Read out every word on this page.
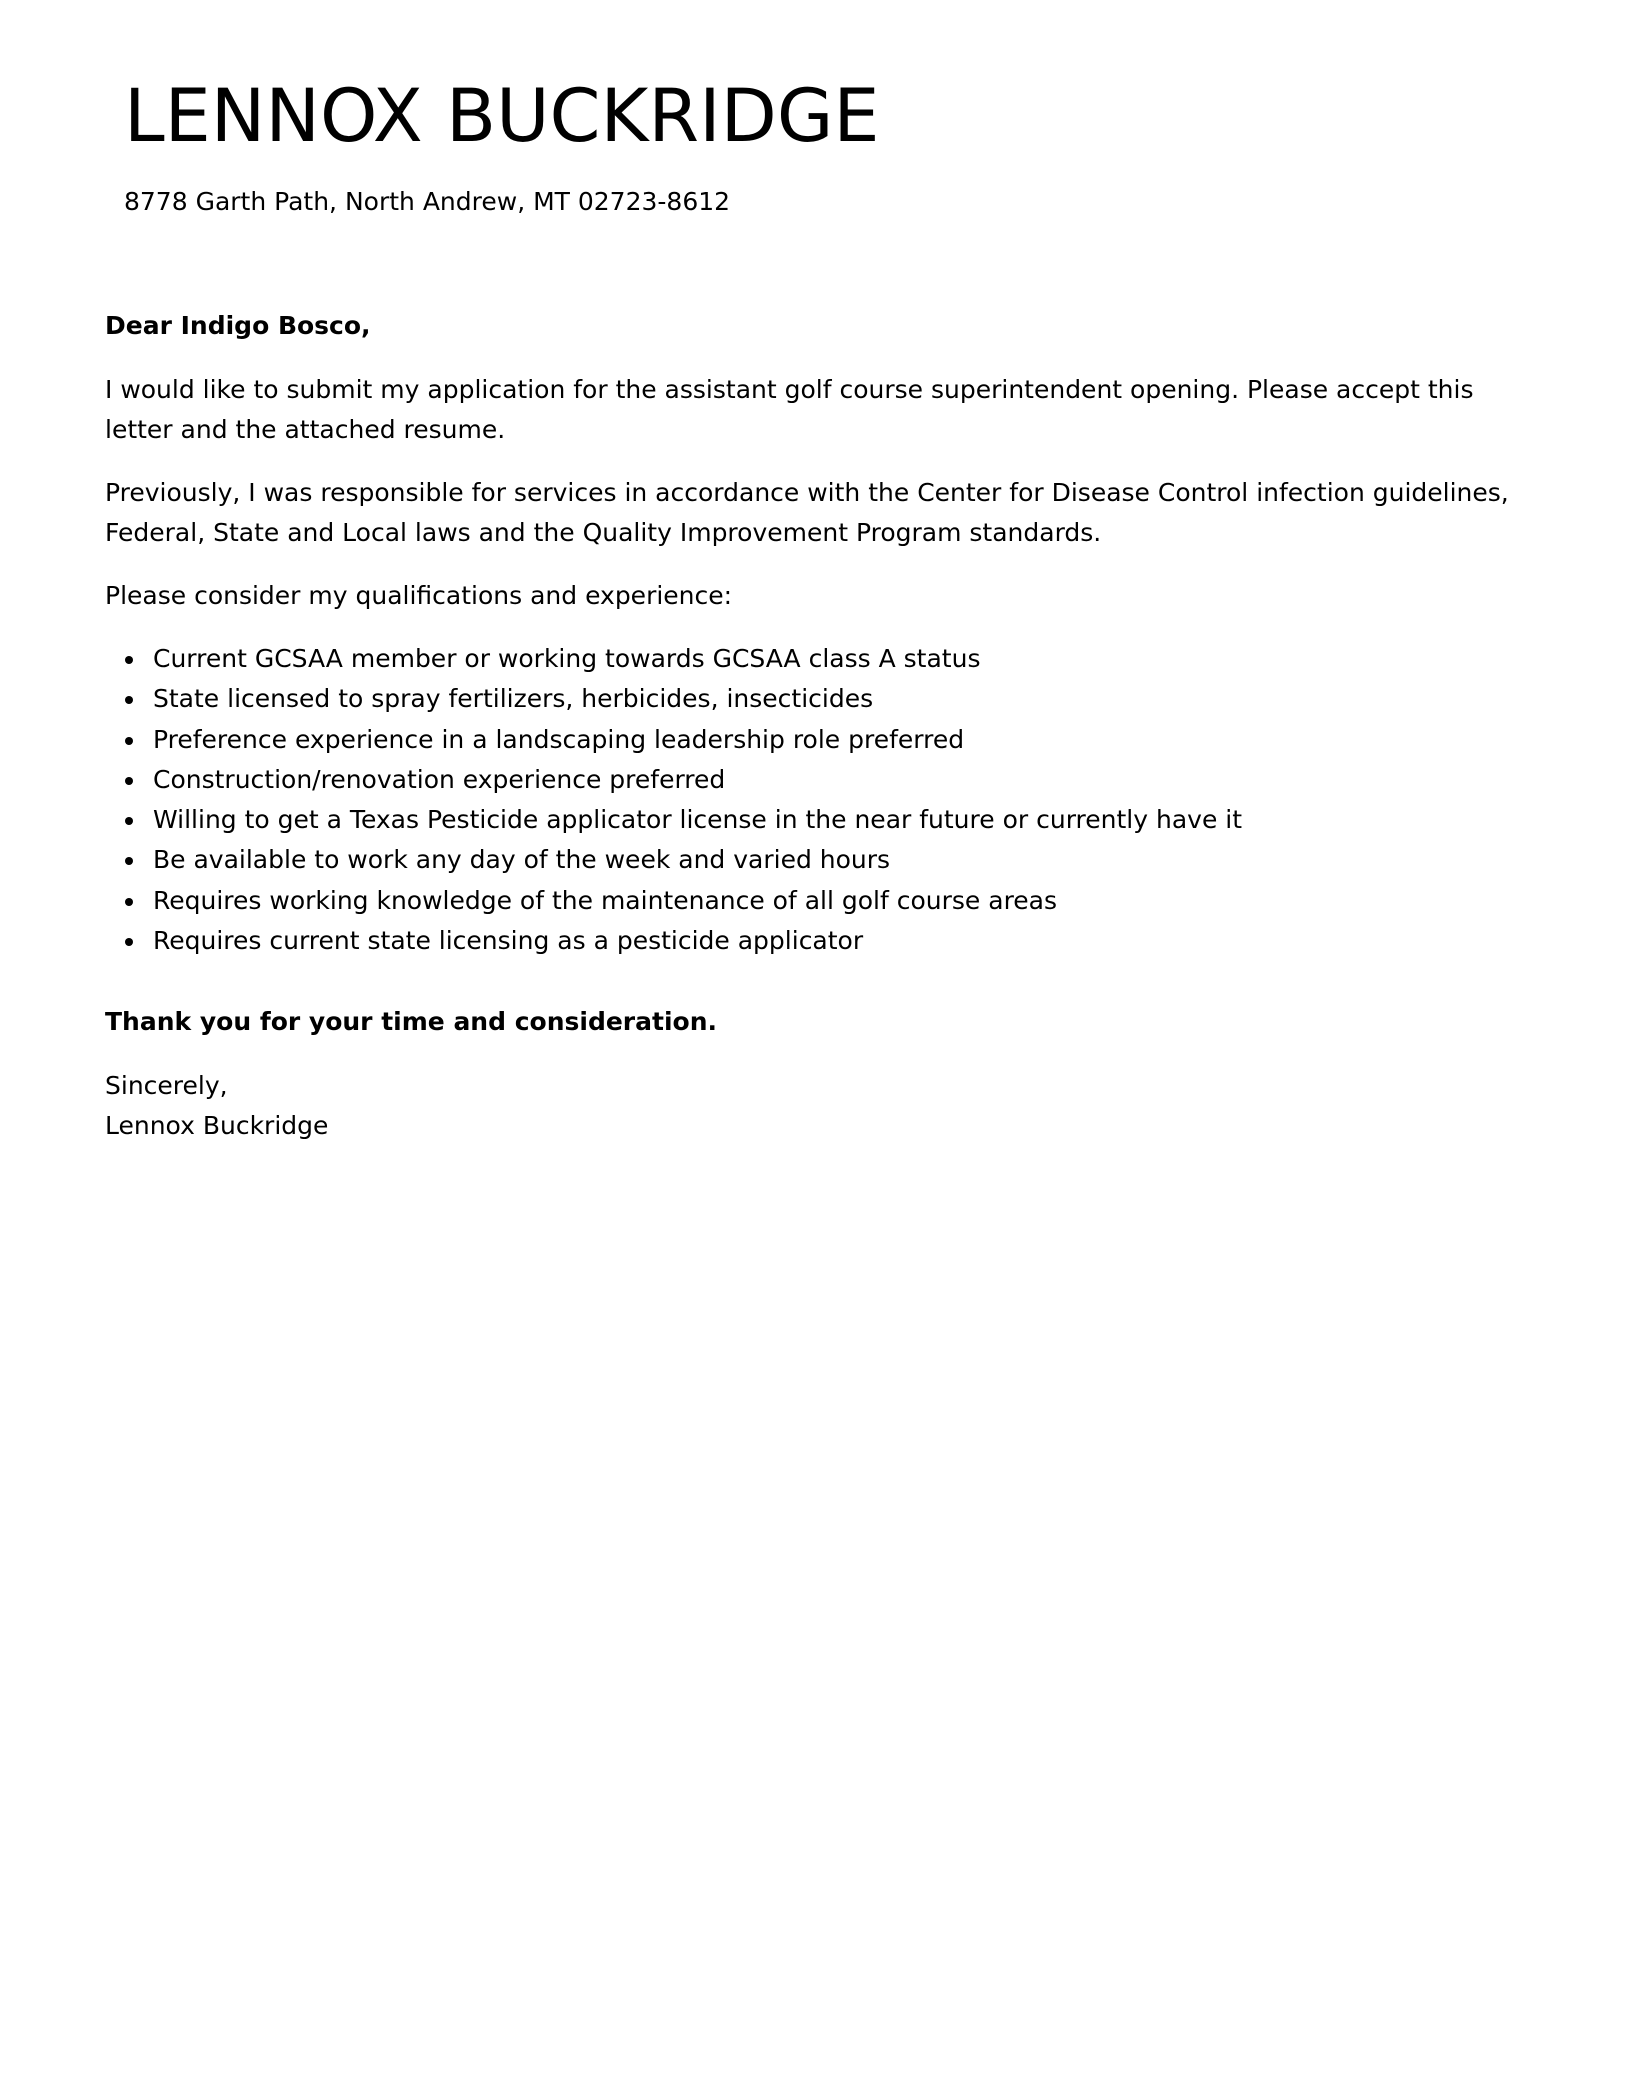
LENNOX BUCKRIDGE
8778 Garth Path, North Andrew, MT 02723-8612

Dear Indigo Bosco,

I would like to submit my application for the assistant golf course superintendent opening. Please accept this letter and the attached resume.

Previously, I was responsible for services in accordance with the Center for Disease Control infection guidelines, Federal, State and Local laws and the Quality Improvement Program standards.

Please consider my qualifications and experience:

Current GCSAA member or working towards GCSAA class A status
State licensed to spray fertilizers, herbicides, insecticides
Preference experience in a landscaping leadership role preferred
Construction/renovation experience preferred
Willing to get a Texas Pesticide applicator license in the near future or currently have it
Be available to work any day of the week and varied hours
Requires working knowledge of the maintenance of all golf course areas
Requires current state licensing as a pesticide applicator

Thank you for your time and consideration.

Sincerely,
Lennox Buckridge
